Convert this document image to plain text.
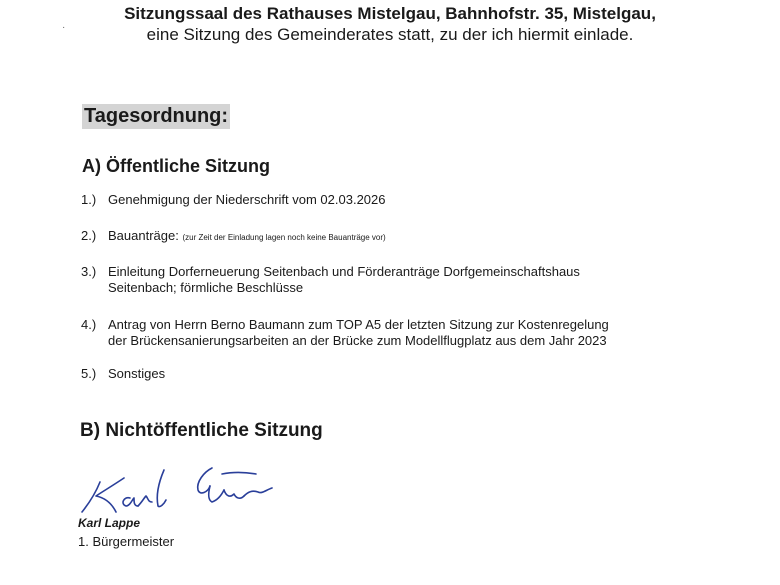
Sitzungssaal des Rathauses Mistelgau, Bahnhofstr. 35, Mistelgau,
eine Sitzung des Gemeinderates statt, zu der ich hiermit einlade.
·
Tagesordnung:
A) Öffentliche Sitzung
1.) Genehmigung der Niederschrift vom 02.03.2026
2.) Bauanträge: (zur Zeit der Einladung lagen noch keine Bauanträge vor)
3.) Einleitung Dorferneuerung Seitenbach und Förderanträge Dorfgemeinschaftshaus
Seitenbach; förmliche Beschlüsse
4.) Antrag von Herrn Berno Baumann zum TOP A5 der letzten Sitzung zur Kostenregelung
der Brückensanierungsarbeiten an der Brücke zum Modellflugplatz aus dem Jahr 2023
5.) Sonstiges
B) Nichtöffentliche Sitzung
Karl Lappe
1. Bürgermeister
